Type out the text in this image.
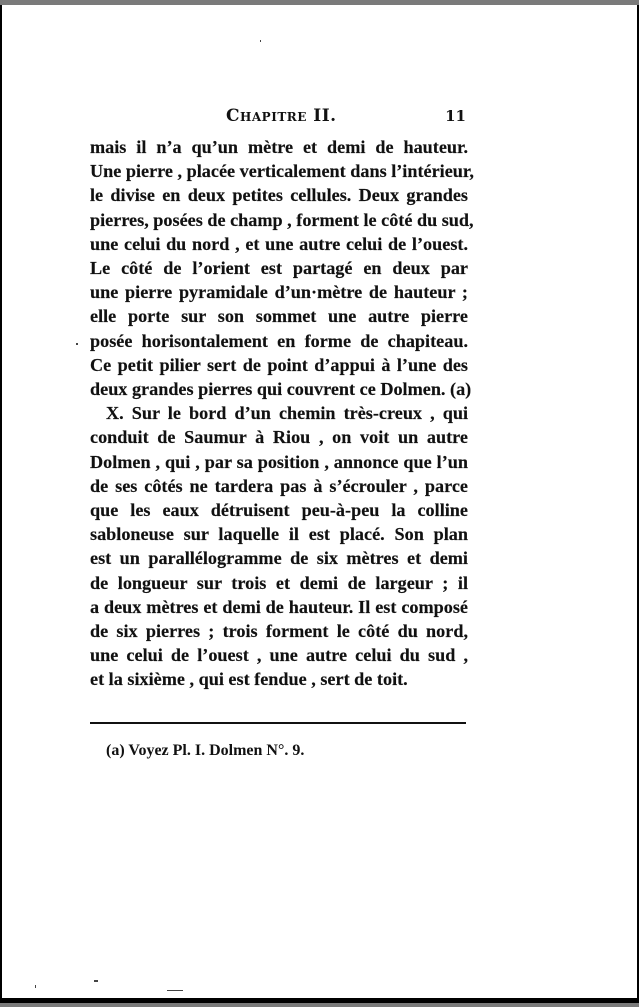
Chapitre II.	11
mais il n’a qu’un mètre et demi de hauteur.
Une pierre , placée verticalement dans l’intérieur,
le divise en deux petites cellules. Deux grandes
pierres, posées de champ , forment le côté du sud,
une celui du nord , et une autre celui de l’ouest.
Le côté de l’orient est partagé en deux par
une pierre pyramidale d’un·mètre de hauteur ;
elle porte sur son sommet une autre pierre
posée horisontalement en forme de chapiteau.
Ce petit pilier sert de point d’appui à l’une des
deux grandes pierres qui couvrent ce Dolmen. (a)
X. Sur le bord d’un chemin très-creux , qui
conduit de Saumur à Riou , on voit un autre
Dolmen , qui , par sa position , annonce que l’un
de ses côtés ne tardera pas à s’écrouler , parce
que les eaux détruisent peu-à-peu la colline
sabloneuse sur laquelle il est placé. Son plan
est un parallélogramme de six mètres et demi
de longueur sur trois et demi de largeur ; il
a deux mètres et demi de hauteur. Il est composé
de six pierres ; trois forment le côté du nord,
une celui de l’ouest , une autre celui du sud ,
et la sixième , qui est fendue , sert de toit.
(a) Voyez Pl. I. Dolmen N°. 9.
